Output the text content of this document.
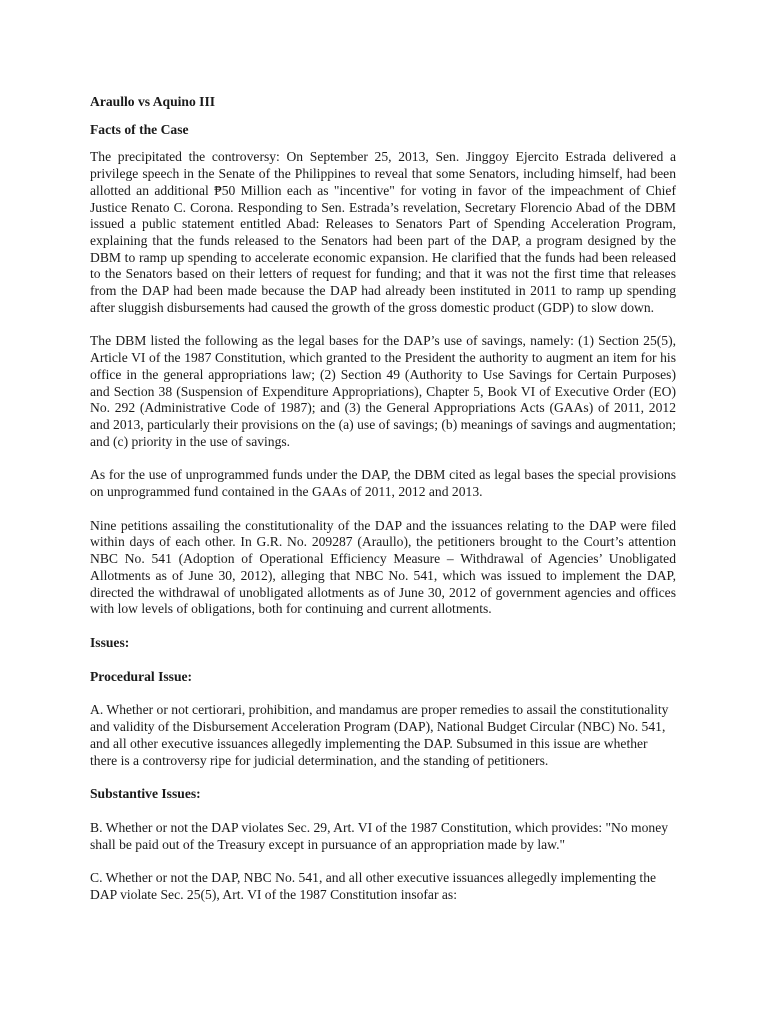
Araullo vs Aquino III

Facts of the Case

The precipitated the controversy: On September 25, 2013, Sen. Jinggoy Ejercito Estrada delivered a privilege speech in the Senate of the Philippines to reveal that some Senators, including himself, had been allotted an additional ₱50 Million each as "incentive" for voting in favor of the impeachment of Chief Justice Renato C. Corona. Responding to Sen. Estrada’s revelation, Secretary Florencio Abad of the DBM issued a public statement entitled Abad: Releases to Senators Part of Spending Acceleration Program, explaining that the funds released to the Senators had been part of the DAP, a program designed by the DBM to ramp up spending to accelerate economic expansion. He clarified that the funds had been released to the Senators based on their letters of request for funding; and that it was not the first time that releases from the DAP had been made because the DAP had already been instituted in 2011 to ramp up spending after sluggish disbursements had caused the growth of the gross domestic product (GDP) to slow down.

The DBM listed the following as the legal bases for the DAP’s use of savings, namely: (1) Section 25(5), Article VI of the 1987 Constitution, which granted to the President the authority to augment an item for his office in the general appropriations law; (2) Section 49 (Authority to Use Savings for Certain Purposes) and Section 38 (Suspension of Expenditure Appropriations), Chapter 5, Book VI of Executive Order (EO) No. 292 (Administrative Code of 1987); and (3) the General Appropriations Acts (GAAs) of 2011, 2012 and 2013, particularly their provisions on the (a) use of savings; (b) meanings of savings and augmentation; and (c) priority in the use of savings.

As for the use of unprogrammed funds under the DAP, the DBM cited as legal bases the special provisions on unprogrammed fund contained in the GAAs of 2011, 2012 and 2013.

Nine petitions assailing the constitutionality of the DAP and the issuances relating to the DAP were filed within days of each other. In G.R. No. 209287 (Araullo), the petitioners brought to the Court’s attention NBC No. 541 (Adoption of Operational Efficiency Measure – Withdrawal of Agencies’ Unobligated Allotments as of June 30, 2012), alleging that NBC No. 541, which was issued to implement the DAP, directed the withdrawal of unobligated allotments as of June 30, 2012 of government agencies and offices with low levels of obligations, both for continuing and current allotments.

Issues:

Procedural Issue:

A. Whether or not certiorari, prohibition, and mandamus are proper remedies to assail the constitutionality and validity of the Disbursement Acceleration Program (DAP), National Budget Circular (NBC) No. 541, and all other executive issuances allegedly implementing the DAP. Subsumed in this issue are whether there is a controversy ripe for judicial determination, and the standing of petitioners.

Substantive Issues:

B. Whether or not the DAP violates Sec. 29, Art. VI of the 1987 Constitution, which provides: "No money shall be paid out of the Treasury except in pursuance of an appropriation made by law."

C. Whether or not the DAP, NBC No. 541, and all other executive issuances allegedly implementing the DAP violate Sec. 25(5), Art. VI of the 1987 Constitution insofar as:
